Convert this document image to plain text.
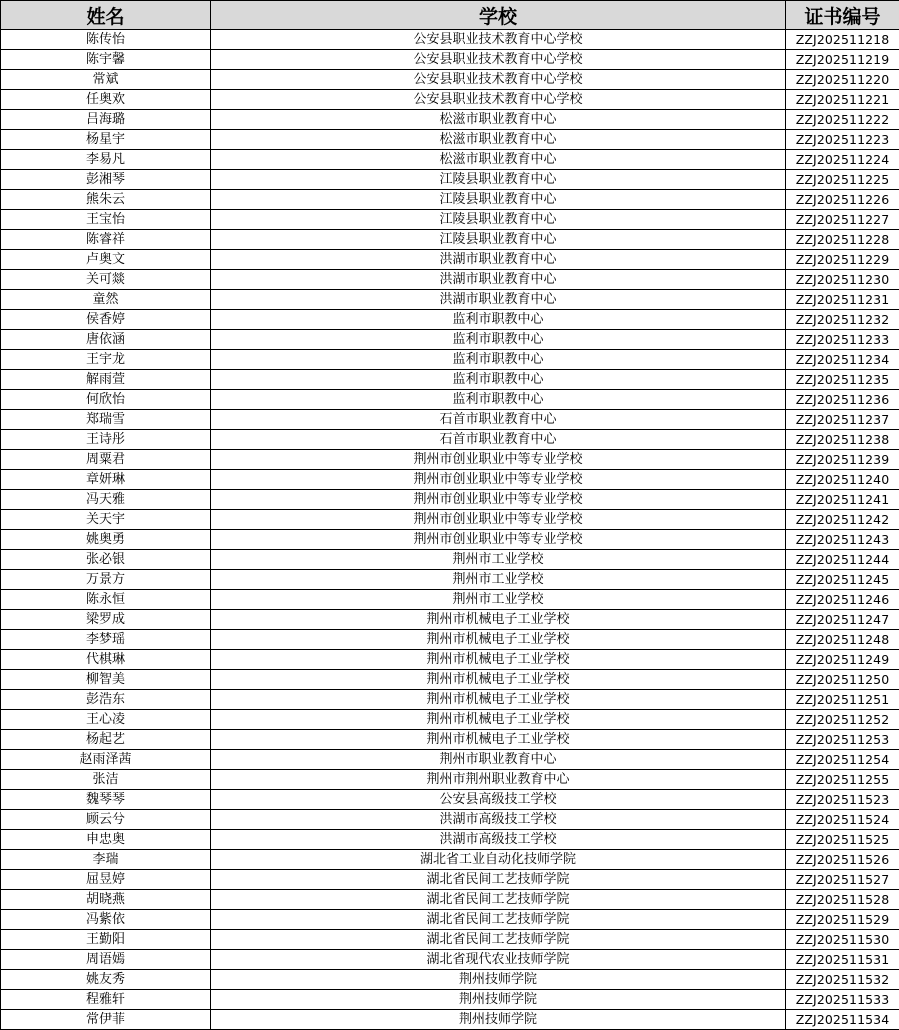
姓名	学校	证书编号
陈传怡	公安县职业技术教育中心学校	ZZJ202511218
陈宇馨	公安县职业技术教育中心学校	ZZJ202511219
常斌	公安县职业技术教育中心学校	ZZJ202511220
任奥欢	公安县职业技术教育中心学校	ZZJ202511221
吕海璐	松滋市职业教育中心	ZZJ202511222
杨星宇	松滋市职业教育中心	ZZJ202511223
李易凡	松滋市职业教育中心	ZZJ202511224
彭湘琴	江陵县职业教育中心	ZZJ202511225
熊朱云	江陵县职业教育中心	ZZJ202511226
王宝怡	江陵县职业教育中心	ZZJ202511227
陈睿祥	江陵县职业教育中心	ZZJ202511228
卢奥文	洪湖市职业教育中心	ZZJ202511229
关可燚	洪湖市职业教育中心	ZZJ202511230
童然	洪湖市职业教育中心	ZZJ202511231
侯香婷	监利市职教中心	ZZJ202511232
唐依涵	监利市职教中心	ZZJ202511233
王宇龙	监利市职教中心	ZZJ202511234
解雨萱	监利市职教中心	ZZJ202511235
何欣怡	监利市职教中心	ZZJ202511236
郑瑞雪	石首市职业教育中心	ZZJ202511237
王诗彤	石首市职业教育中心	ZZJ202511238
周粟君	荆州市创业职业中等专业学校	ZZJ202511239
章妍琳	荆州市创业职业中等专业学校	ZZJ202511240
冯天雅	荆州市创业职业中等专业学校	ZZJ202511241
关天宇	荆州市创业职业中等专业学校	ZZJ202511242
姚奥勇	荆州市创业职业中等专业学校	ZZJ202511243
张必银	荆州市工业学校	ZZJ202511244
万景方	荆州市工业学校	ZZJ202511245
陈永恒	荆州市工业学校	ZZJ202511246
梁罗成	荆州市机械电子工业学校	ZZJ202511247
李梦瑶	荆州市机械电子工业学校	ZZJ202511248
代棋琳	荆州市机械电子工业学校	ZZJ202511249
柳智美	荆州市机械电子工业学校	ZZJ202511250
彭浩东	荆州市机械电子工业学校	ZZJ202511251
王心凌	荆州市机械电子工业学校	ZZJ202511252
杨起艺	荆州市机械电子工业学校	ZZJ202511253
赵雨泽茜	荆州市职业教育中心	ZZJ202511254
张洁	荆州市荆州职业教育中心	ZZJ202511255
魏琴琴	公安县高级技工学校	ZZJ202511523
顾云兮	洪湖市高级技工学校	ZZJ202511524
申忠奥	洪湖市高级技工学校	ZZJ202511525
李瑞	湖北省工业自动化技师学院	ZZJ202511526
屈昱婷	湖北省民间工艺技师学院	ZZJ202511527
胡晓燕	湖北省民间工艺技师学院	ZZJ202511528
冯紫依	湖北省民间工艺技师学院	ZZJ202511529
王勤阳	湖北省民间工艺技师学院	ZZJ202511530
周语嫣	湖北省现代农业技师学院	ZZJ202511531
姚友秀	荆州技师学院	ZZJ202511532
程雅轩	荆州技师学院	ZZJ202511533
常伊菲	荆州技师学院	ZZJ202511534
